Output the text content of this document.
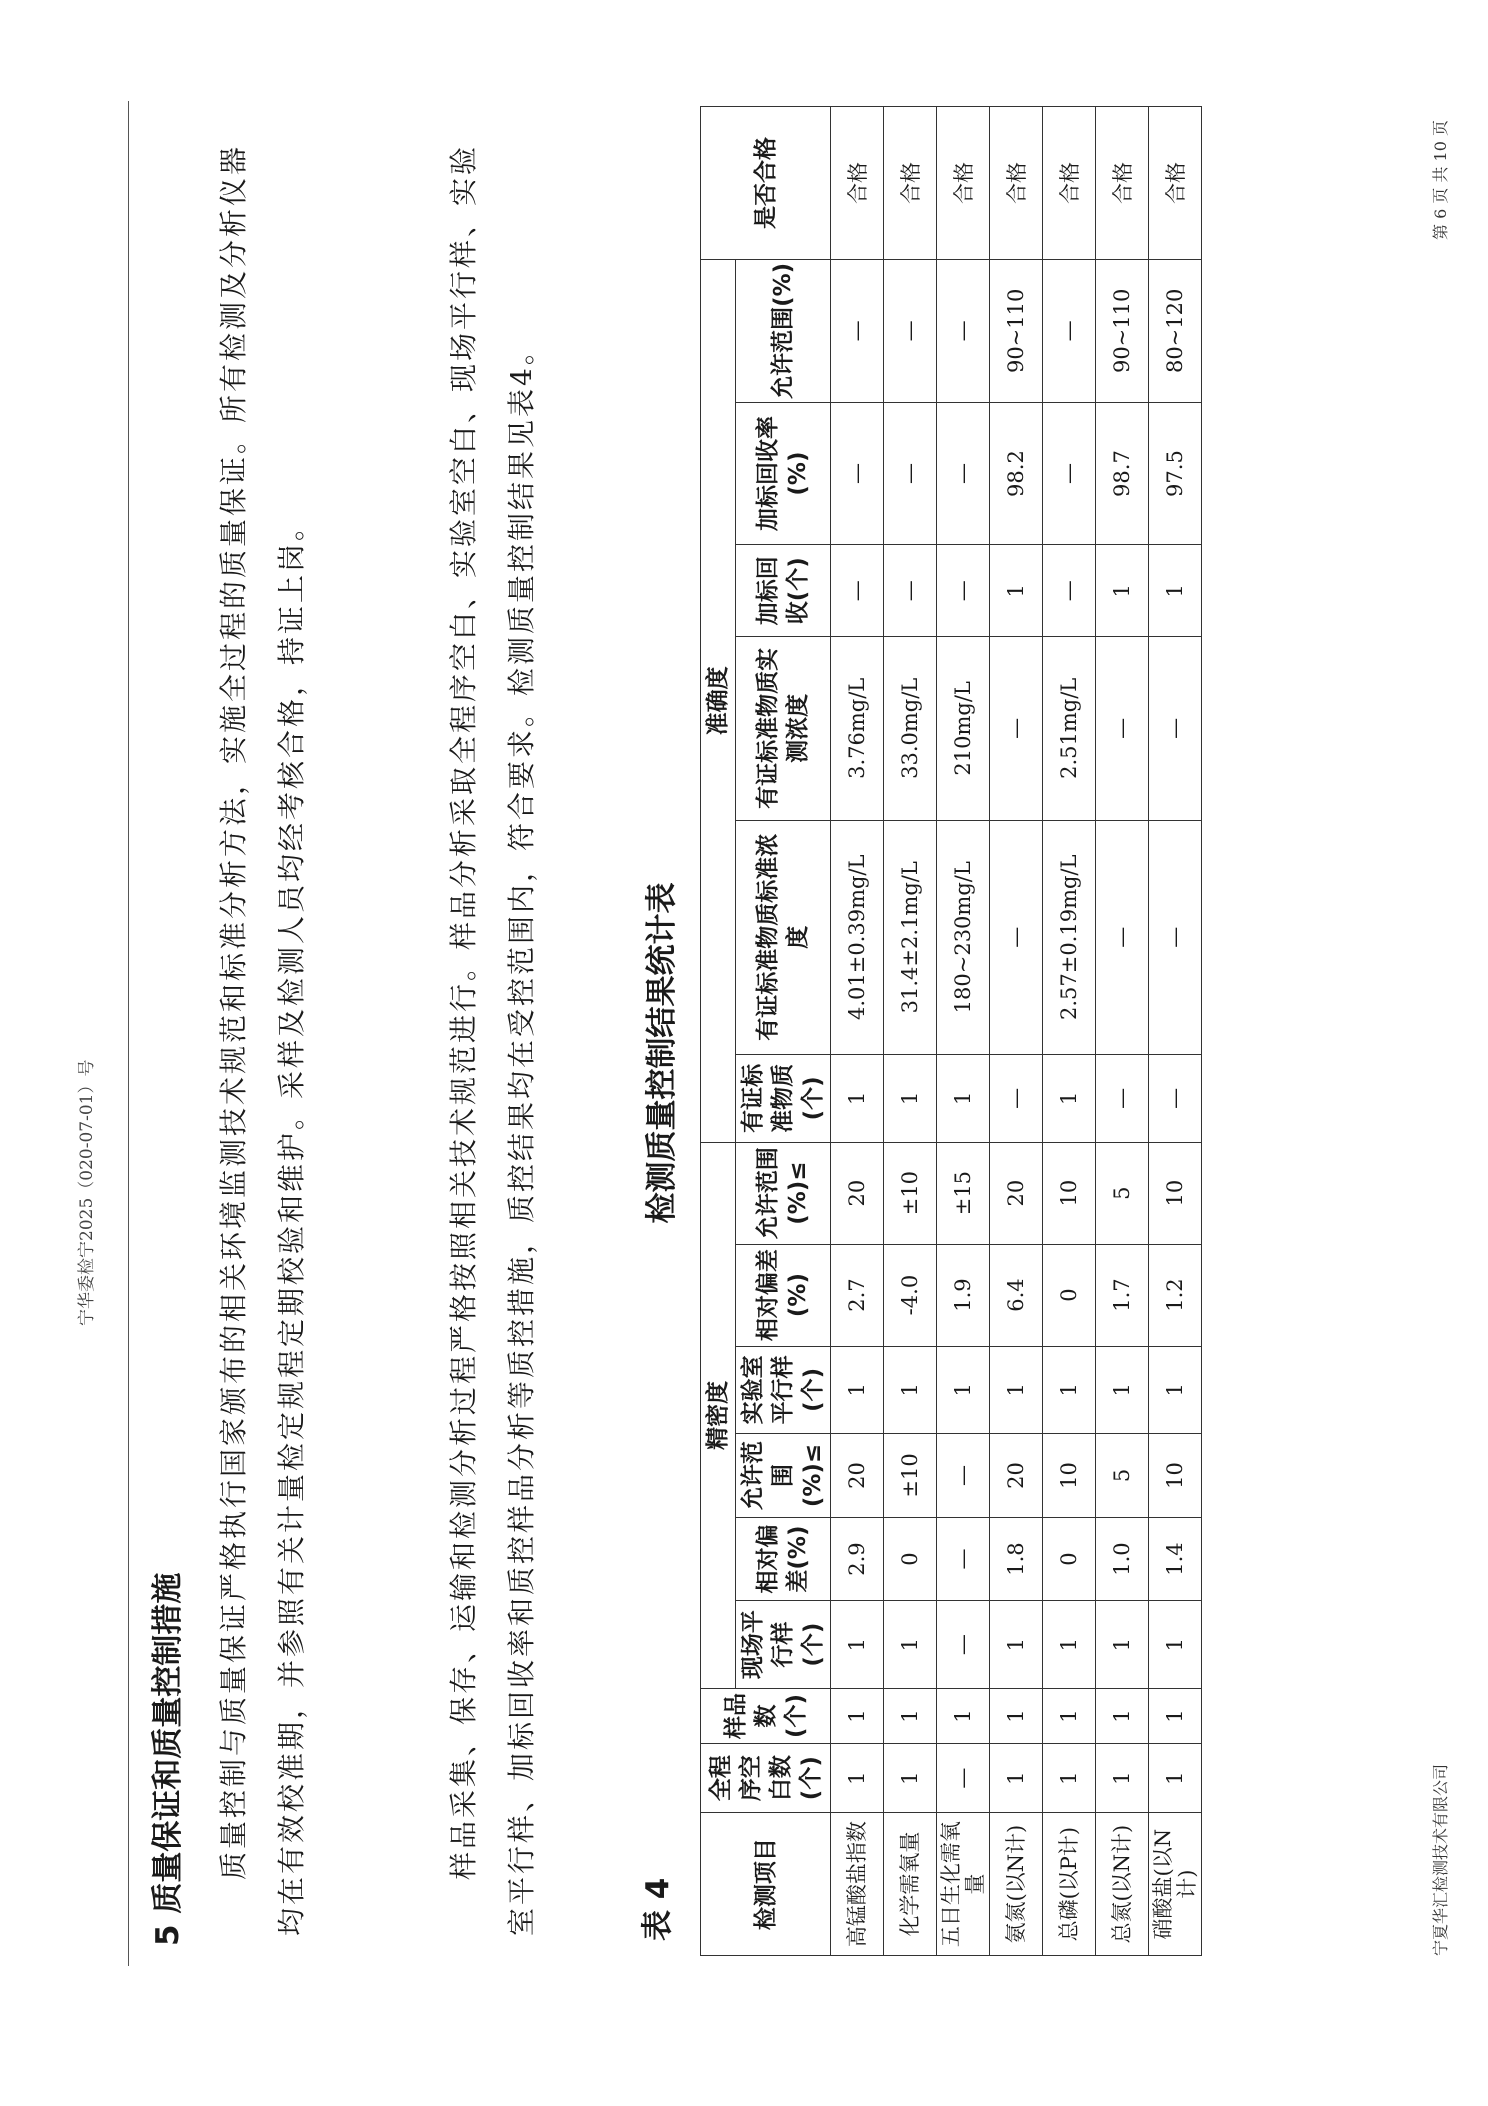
宁华委检宁2025（020-07-01）号
5 质量保证和质量控制措施	质量控制与质量保证严格执行国家颁布的相关环境监测技术规范和标准分析方法，实施全过程的质量保证。所有检测及分析仪器均在有效校准期，并参照有关计量检定规程定期校验和维护。采样及检测人员均经考核合格，持证上岗。	样品采集、保存、运输和检测分析过程严格按照相关技术规范进行。样品分析采取全程序空白、实验室空白、现场平行样、实验室平行样、加标回收率和质控样品分析等质控措施，质控结果均在受控范围内，符合要求。检测质量控制结果见表4。	表 4
检测质量控制结果统计表
检测项目	全程序空白数(个)	样品数(个)	精密度						准确度						是否合格
			现场平行样(个)	相对偏差(%)	允许范围(%)≤	实验室平行样(个)	相对偏差(%)	允许范围(%)≤	有证标准物质(个)	有证标准物质标准浓度	有证标准物质实测浓度	加标回收(个)	加标回收率(%)	允许范围(%)	
高锰酸盐指数	1	1	1	2.9	20	1	2.7	20	1	4.01±0.39mg/L	3.76mg/L	—	—	—	合格
化学需氧量	1	1	1	0	±10	1	-4.0	±10	1	31.4±2.1mg/L	33.0mg/L	—	—	—	合格
五日生化需氧量	—	1	—	—	—	1	1.9	±15	1	180~230mg/L	210mg/L	—	—	—	合格
氨氮(以N计)	1	1	1	1.8	20	1	6.4	20	—	—	—	1	98.2	90~110	合格
总磷(以P计)	1	1	1	0	10	1	0	10	1	2.57±0.19mg/L	2.51mg/L	—	—	—	合格
总氮(以N计)	1	1	1	1.0	5	1	1.7	5	—	—	—	1	98.7	90~110	合格
硝酸盐(以N计)	1	1	1	1.4	10	1	1.2	10	—	—	—	1	97.5	80~120	合格
宁夏华汇检测技术有限公司
第 6 页 共 10 页
